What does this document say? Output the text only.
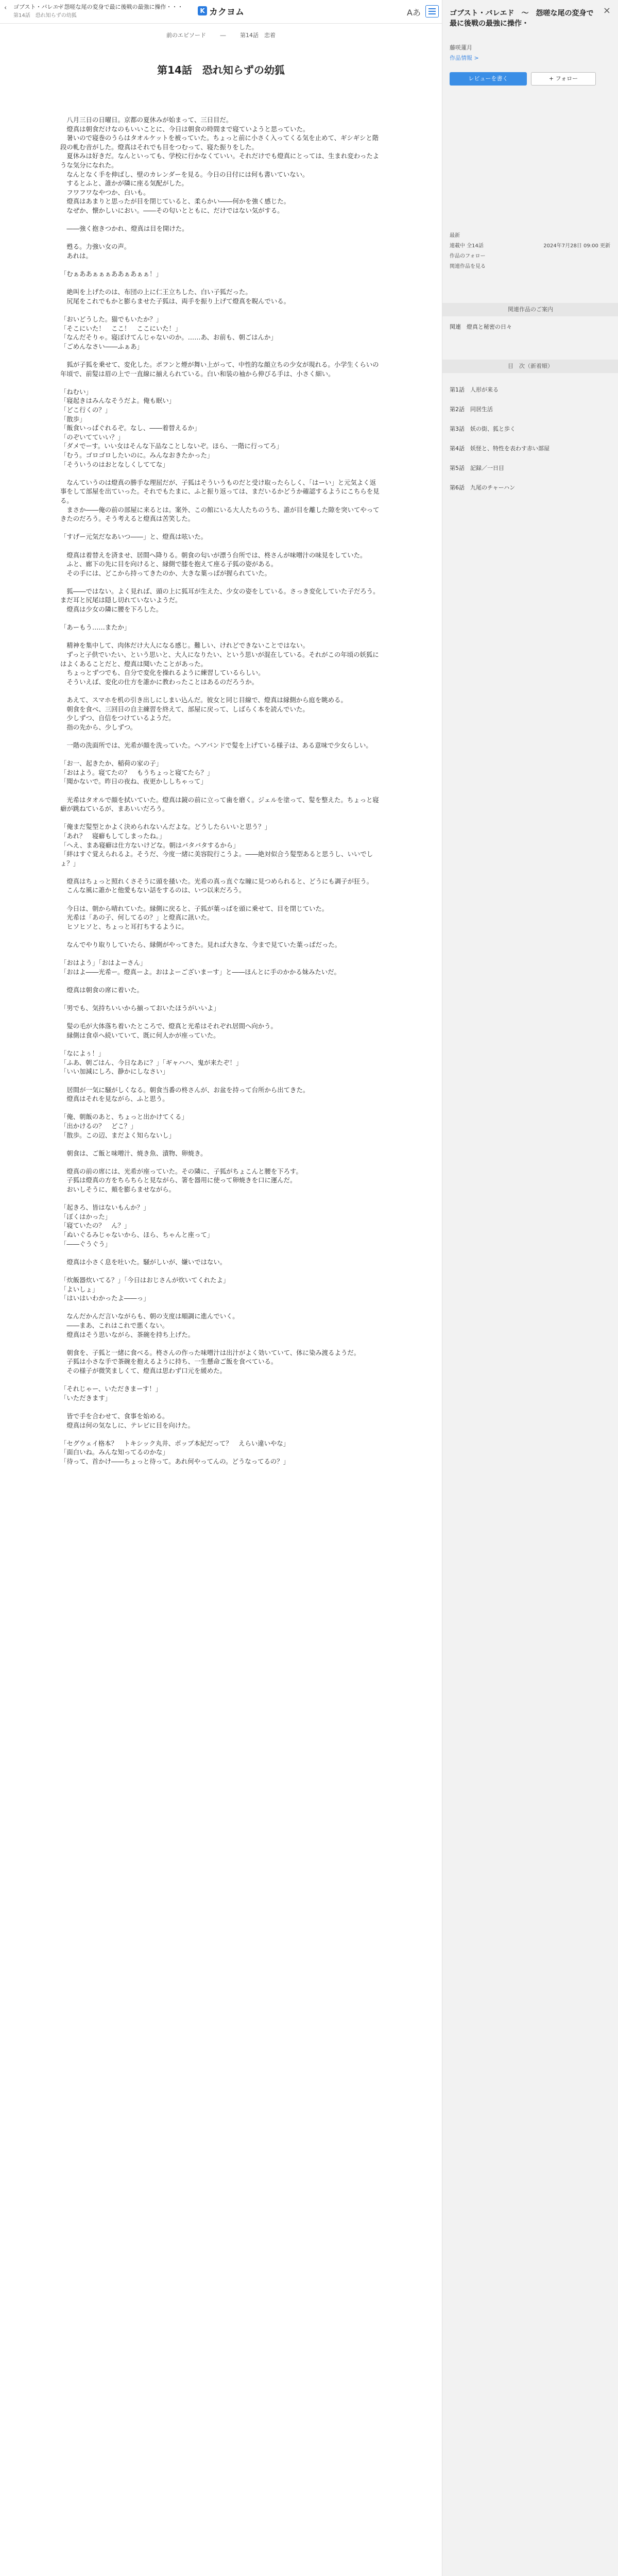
‹	ゴブスト・バレエド
〜 怨嗟な尾の変身で最に後戦の最強に操作・・・
第14話　恐れ知らずの幼狐
K カクヨム	Aあ
前のエピソード	―	第14話　恋着
第14話　恐れ知らずの幼狐

　八月三日の日曜日。京都の夏休みが始まって、三日目だ。

　燈真は朝食だけなのもいいことに、今日は朝食の時間まで寝ていようと思っていた。

　暑いので寝巻のうらはタオルケットを被っていた。ちょっと前に小さく入ってくる気を止めて、ギシギシと階段の軋む音がした。燈真はそれでも目をつむって、寝た振りをした。

　夏休みは好きだ。なんといっても、学校に行かなくていい。それだけでも燈真にとっては、生まれ変わったような気分になれた。

　なんとなく手を伸ばし、壁のカレンダーを見る。今日の日付には何も書いていない。

　するとふと、誰かが隣に座る気配がした。

　フワフワなやつか、白いも。

　燈真はあまりと思ったが目を閉じていると、柔らかい――何かを強く感じた。

　なぜか、懐かしいにおい。――その匂いとともに、だけではない気がする。

　――強く抱きつかれ、燈真は目を開けた。

　甦る。力強い女の声。

　あれは。

「むぁああぁぁぁああぁあぁぁ！」

　絶叫を上げたのは、布団の上に仁王立ちした、白い子狐だった。

　尻尾をこれでもかと膨らませた子狐は、両手を振り上げて燈真を睨んでいる。

「おいどうした。猫でもいたか？」

「そこにいた！　ここ！　ここにいた！」

「なんだそりゃ。寝ぼけてんじゃないのか。……あ、お前も、朝ごはんか」

「ごめんなさい――ふぁあ」

　狐が子狐を乗せて、変化した。ポフンと煙が舞い上がって、中性的な顔立ちの少女が現れる。小学生くらいの年頃で、前髪は眉の上で一直線に揃えられている。白い和装の袖から伸びる手は、小さく細い。

「ねむい」

「寝起きはみんなそうだよ。俺も眠い」

「どこ行くの？」

「散歩」

「飯食いっぱぐれるぞ。なし、――着替えるか」

「のぞいてていい？」

「ダメでーす。いい女はそんな下品なことしないぞ。ほら、一階に行ってろ」

「むう。ゴロゴロしたいのに。みんなおきたかった」

「そういうのはおとなしくしててな」

　なんていうのは燈真の勝手な理屈だが、子狐はそういうものだと受け取ったらしく、「はーい」と元気よく返事をして部屋を出ていった。それでもたまに、ふと振り返っては、まだいるかどうか確認するようにこちらを見る。

　まさか――俺の前の部屋に来るとは。案外、この館にいる大人たちのうち、誰が目を離した隙を突いてやってきたのだろう。そう考えると燈真は苦笑した。

「すげー元気だなあいつ――」と、燈真は呟いた。

　燈真は着替えを済ませ、居間へ降りる。朝食の匂いが漂う台所では、柊さんが味噌汁の味見をしていた。

　ふと、廊下の先に目を向けると、縁側で膝を抱えて座る子狐の姿がある。

　その手には、どこから持ってきたのか、大きな葉っぱが握られていた。

　狐――ではない。よく見れば、頭の上に狐耳が生えた、少女の姿をしている。さっき変化していた子だろう。まだ耳と尻尾は隠し切れていないようだ。

　燈真は少女の隣に腰を下ろした。

「あーもう……またか」

　精神を集中して、肉体だけ大人になる感じ。難しい、けれどできないことではない。

　ずっと子供でいたい、という思いと、大人になりたい、という思いが混在している。それがこの年頃の妖狐にはよくあることだと、燈真は聞いたことがあった。

　ちょっとずつでも、自分で変化を操れるように練習しているらしい。

　そういえば、変化の仕方を誰かに教わったことはあるのだろうか。

　あえて、スマホを机の引き出しにしまい込んだ。彼女と同じ目線で、燈真は縁側から庭を眺める。

　朝食を食べ、三回目の自主練習を終えて、部屋に戻って、しばらく本を読んでいた。

　少しずつ、自信をつけているようだ。

　指の先から、少しずつ。

　一階の洗面所では、光希が顔を洗っていた。ヘアバンドで髪を上げている様子は、ある意味で少女らしい。

「お一、起きたか、稲荷の家の子」

「おはよう。寝てたの？　もうちょっと寝てたら？」

「聞かないで。昨日の夜ね、夜更かししちゃって」

　光希はタオルで顔を拭いていた。燈真は鏡の前に立って歯を磨く。ジェルを塗って、髪を整えた。ちょっと寝癖が跳ねているが、まあいいだろう。

「俺まだ髪型とかよく決められないんだよな。どうしたらいいと思う？」

「あれ？　寝癖もしてしまったね。」

「へえ、まあ寝癖は仕方ないけどな。朝はバタバタするから」

「絆はすぐ覚えられるよ。そうだ、今度一緒に美容院行こうよ。――絶対似合う髪型あると思うし、いいでしょ？」

　燈真はちょっと照れくさそうに頭を掻いた。光希の真っ直ぐな瞳に見つめられると、どうにも調子が狂う。

　こんな風に誰かと他愛もない話をするのは、いつ以来だろう。

　今日は、朝から晴れていた。縁側に戻ると、子狐が葉っぱを頭に乗せて、目を閉じていた。

　光希は「あの子、何してるの？」と燈真に訊いた。

　ヒソヒソと、ちょっと耳打ちするように。

　なんでやり取りしていたら、縁側がやってきた。見れば大きな、今まで見ていた葉っぱだった。

「おはよう」「おはよーさん」

「おはよ――光希ー。燈真ーよ。おはよーございまーす」と――ほんとに手のかかる妹みたいだ。

　燈真は朝食の席に着いた。

「男でも、気持ちいいから揃っておいたほうがいいよ」

　髪の毛が大体落ち着いたところで、燈真と光希はそれぞれ居間へ向かう。

　縁側は食卓へ続いていて、既に何人かが座っていた。

「なによぅ！」

「ふあ、朝ごはん、今日なあに？」「ギャハハ、鬼が来たぞ！」

「いい加減にしろ、静かにしなさい」

　居間が一気に騒がしくなる。朝食当番の柊さんが、お盆を持って台所から出てきた。

　燈真はそれを見ながら、ふと思う。

「俺、朝飯のあと、ちょっと出かけてくる」

「出かけるの？　どこ？」

「散歩。この辺、まだよく知らないし」

　朝食は、ご飯と味噌汁、焼き魚、漬物、卵焼き。

　燈真の前の席には、光希が座っていた。その隣に、子狐がちょこんと腰を下ろす。

　子狐は燈真の方をちらちらと見ながら、箸を器用に使って卵焼きを口に運んだ。

　おいしそうに、頬を膨らませながら。

「起きろ、皆はないもんか？」

「ぼくはかった」

「寝ていたの？　ん？」

「ぬいぐるみじゃないから、ほら、ちゃんと座って」

「――ぐうぐう」

　燈真は小さく息を吐いた。騒がしいが、嫌いではない。

「炊飯器炊いてる？」「今日はおじさんが炊いてくれたよ」

「よいしょ」

「はいはいわかったよ――っ」

　なんだかんだ言いながらも、朝の支度は順調に進んでいく。

　――まあ、これはこれで悪くない。

　燈真はそう思いながら、茶碗を持ち上げた。

　朝食を、子狐と一緒に食べる。柊さんの作った味噌汁は出汁がよく効いていて、体に染み渡るようだ。

　子狐は小さな手で茶碗を抱えるように持ち、一生懸命ご飯を食べている。

　その様子が微笑ましくて、燈真は思わず口元を緩めた。

「それじゃー、いただきまーす！」

「いただきます」

　皆で手を合わせて、食事を始める。

　燈真は何の気なしに、テレビに目を向けた。

「セグウェイ格本？　トキシック丸井、ボップ本紀だって？　えらい違いやな」

「面白いね。みんな知ってるのかな」

「待って、首かけ――ちょっと待って。あれ何やってんの。どうなってるの？」

×
ゴブスト・バレエド　〜　怨嗟な尾の変身で最に後戦の最強に操作・
藤咲蓮月
作品情報 >
レビューを書く	+ フォロー
最新
連載中 全14話	2024年7月28日 09:00 更新
作品のフォロー
関連作品を見る
関連作品のご案内
関連　燈真と秘密の日々
目　次（新着順）
第1話　人形が来る
第2話　同居生活
第3話　妖の街、狐と歩く
第4話　妖怪と、特性を表わす赤い部屋
第5話　記録／一日目
第6話　九尾のチャーハン
